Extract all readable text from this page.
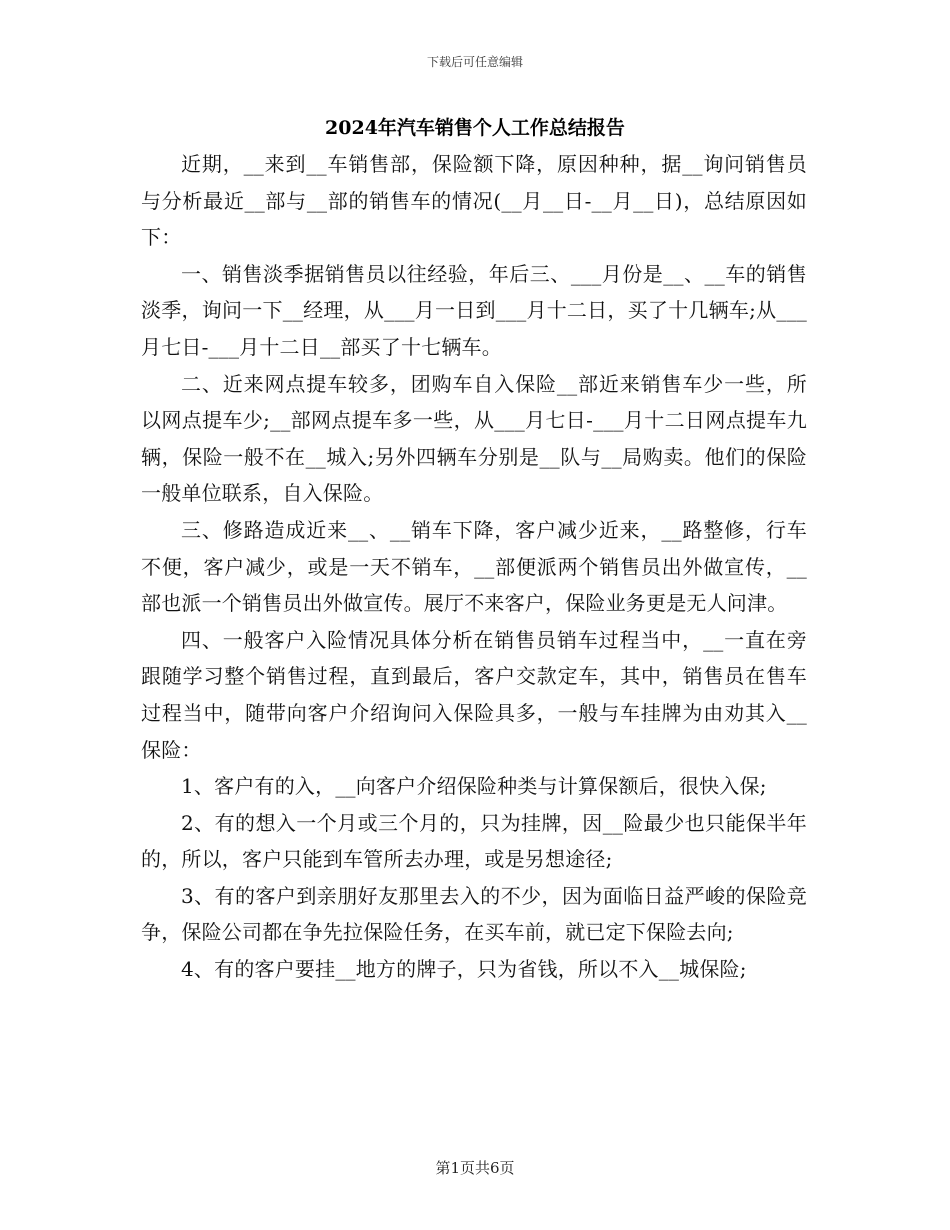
下载后可任意编辑
2024年汽车销售个人工作总结报告

近期，__来到__车销售部，保险额下降，原因种种，据__询问销售员与分析最近__部与__部的销售车的情况(__月__日-__月__日)，总结原因如下：

一、销售淡季据销售员以往经验，年后三、___月份是__、__车的销售淡季，询问一下__经理，从___月一日到___月十二日，买了十几辆车;从___月七日-___月十二日__部买了十七辆车。

二、近来网点提车较多，团购车自入保险__部近来销售车少一些，所以网点提车少;__部网点提车多一些，从___月七日-___月十二日网点提车九辆，保险一般不在__城入;另外四辆车分别是__队与__局购卖。他们的保险一般单位联系，自入保险。

三、修路造成近来__、__销车下降，客户减少近来，__路整修，行车不便，客户减少，或是一天不销车，__部便派两个销售员出外做宣传，__部也派一个销售员出外做宣传。展厅不来客户，保险业务更是无人问津。

四、一般客户入险情况具体分析在销售员销车过程当中，__一直在旁跟随学习整个销售过程，直到最后，客户交款定车，其中，销售员在售车过程当中，随带向客户介绍询问入保险具多，一般与车挂牌为由劝其入__保险：

1、客户有的入，__向客户介绍保险种类与计算保额后，很快入保;

2、有的想入一个月或三个月的，只为挂牌，因__险最少也只能保半年的，所以，客户只能到车管所去办理，或是另想途径;

3、有的客户到亲朋好友那里去入的不少，因为面临日益严峻的保险竞争，保险公司都在争先拉保险任务，在买车前，就已定下保险去向;

4、有的客户要挂__地方的牌子，只为省钱，所以不入__城保险;

第1页共6页
